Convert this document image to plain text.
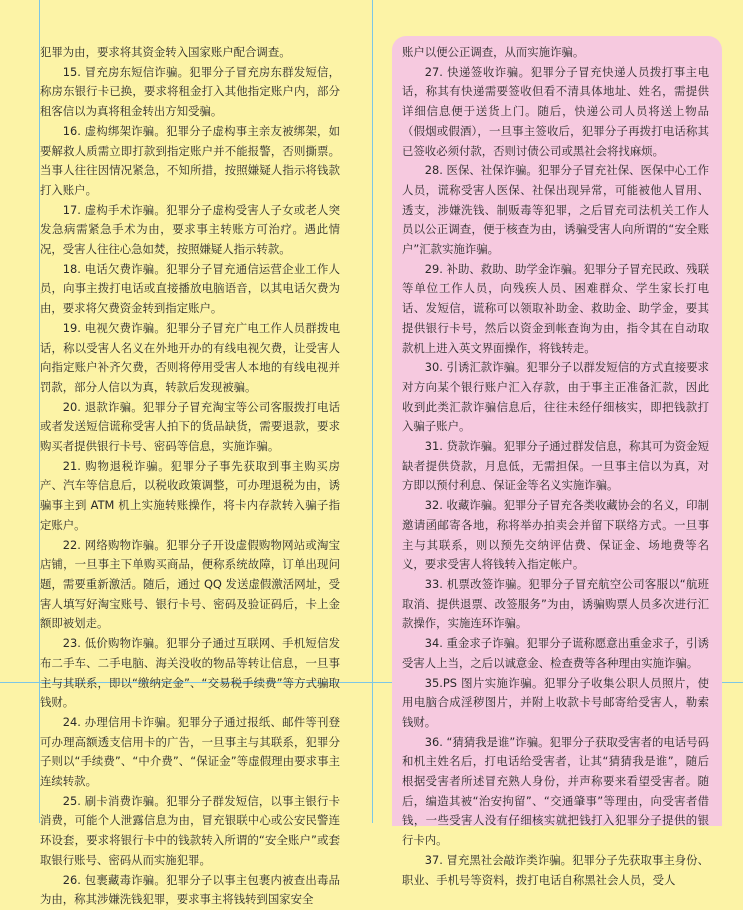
犯罪为由，要求将其资金转入国家账户配合调查。

15. 冒充房东短信诈骗。犯罪分子冒充房东群发短信，称房东银行卡已换，要求将租金打入其他指定账户内，部分租客信以为真将租金转出方知受骗。

16. 虚构绑架诈骗。犯罪分子虚构事主亲友被绑架，如要解救人质需立即打款到指定账户并不能报警，否则撕票。当事人往往因情况紧急，不知所措，按照嫌疑人指示将钱款打入账户。

17. 虚构手术诈骗。犯罪分子虚构受害人子女或老人突发急病需紧急手术为由，要求事主转账方可治疗。遇此情况，受害人往往心急如焚，按照嫌疑人指示转款。

18. 电话欠费诈骗。犯罪分子冒充通信运营企业工作人员，向事主拨打电话或直接播放电脑语音，以其电话欠费为由，要求将欠费资金转到指定账户。

19. 电视欠费诈骗。犯罪分子冒充广电工作人员群拨电话，称以受害人名义在外地开办的有线电视欠费，让受害人向指定账户补齐欠费，否则将停用受害人本地的有线电视并罚款，部分人信以为真，转款后发现被骗。

20. 退款诈骗。犯罪分子冒充淘宝等公司客服拨打电话或者发送短信谎称受害人拍下的货品缺货，需要退款，要求购买者提供银行卡号、密码等信息，实施诈骗。

21. 购物退税诈骗。犯罪分子事先获取到事主购买房产、汽车等信息后，以税收政策调整，可办理退税为由，诱骗事主到 ATM 机上实施转账操作，将卡内存款转入骗子指定账户。

22. 网络购物诈骗。犯罪分子开设虚假购物网站或淘宝店铺，一旦事主下单购买商品，便称系统故障，订单出现问题，需要重新激活。随后，通过 QQ 发送虚假激活网址，受害人填写好淘宝账号、银行卡号、密码及验证码后，卡上金额即被划走。

23. 低价购物诈骗。犯罪分子通过互联网、手机短信发布二手车、二手电脑、海关没收的物品等转让信息，一旦事主与其联系，即以“缴纳定金”、“交易税手续费”等方式骗取钱财。

24. 办理信用卡诈骗。犯罪分子通过报纸、邮件等刊登可办理高额透支信用卡的广告，一旦事主与其联系，犯罪分子则以“手续费”、“中介费”、“保证金”等虚假理由要求事主连续转款。

25. 刷卡消费诈骗。犯罪分子群发短信，以事主银行卡消费，可能个人泄露信息为由，冒充银联中心或公安民警连环设套，要求将银行卡中的钱款转入所谓的“安全账户”或套取银行账号、密码从而实施犯罪。

26. 包裹藏毒诈骗。犯罪分子以事主包裹内被查出毒品为由，称其涉嫌洗钱犯罪，要求事主将钱转到国家安全

账户以便公正调查，从而实施诈骗。

27. 快递签收诈骗。犯罪分子冒充快递人员拨打事主电话，称其有快递需要签收但看不清具体地址、姓名，需提供详细信息便于送货上门。随后，快递公司人员将送上物品（假烟或假酒），一旦事主签收后，犯罪分子再拨打电话称其已签收必须付款，否则讨债公司或黑社会将找麻烦。

28. 医保、社保诈骗。犯罪分子冒充社保、医保中心工作人员，谎称受害人医保、社保出现异常，可能被他人冒用、透支，涉嫌洗钱、制贩毒等犯罪，之后冒充司法机关工作人员以公正调查，便于核查为由，诱骗受害人向所谓的“安全账户”汇款实施诈骗。

29. 补助、救助、助学金诈骗。犯罪分子冒充民政、残联等单位工作人员，向残疾人员、困难群众、学生家长打电话、发短信，谎称可以领取补助金、救助金、助学金，要其提供银行卡号，然后以资金到帐查询为由，指令其在自动取款机上进入英文界面操作，将钱转走。

30. 引诱汇款诈骗。犯罪分子以群发短信的方式直接要求对方向某个银行账户汇入存款，由于事主正准备汇款，因此收到此类汇款诈骗信息后，往往未经仔细核实，即把钱款打入骗子账户。

31. 贷款诈骗。犯罪分子通过群发信息，称其可为资金短缺者提供贷款，月息低，无需担保。一旦事主信以为真，对方即以预付利息、保证金等名义实施诈骗。

32. 收藏诈骗。犯罪分子冒充各类收藏协会的名义，印制邀请函邮寄各地，称将举办拍卖会并留下联络方式。一旦事主与其联系，则以预先交纳评估费、保证金、场地费等名义，要求受害人将钱转入指定帐户。

33. 机票改签诈骗。犯罪分子冒充航空公司客服以“航班取消、提供退票、改签服务”为由，诱骗购票人员多次进行汇款操作，实施连环诈骗。

34. 重金求子诈骗。犯罪分子谎称愿意出重金求子，引诱受害人上当，之后以诚意金、检查费等各种理由实施诈骗。

35.PS 图片实施诈骗。犯罪分子收集公职人员照片，使用电脑合成淫秽图片，并附上收款卡号邮寄给受害人，勒索钱财。

36. “猜猜我是谁”诈骗。犯罪分子获取受害者的电话号码和机主姓名后，打电话给受害者，让其“猜猜我是谁”，随后根据受害者所述冒充熟人身份，并声称要来看望受害者。随后，编造其被“治安拘留”、“交通肇事”等理由，向受害者借钱，一些受害人没有仔细核实就把钱打入犯罪分子提供的银行卡内。

37. 冒充黑社会敲诈类诈骗。犯罪分子先获取事主身份、职业、手机号等资料，拨打电话自称黑社会人员，受人
